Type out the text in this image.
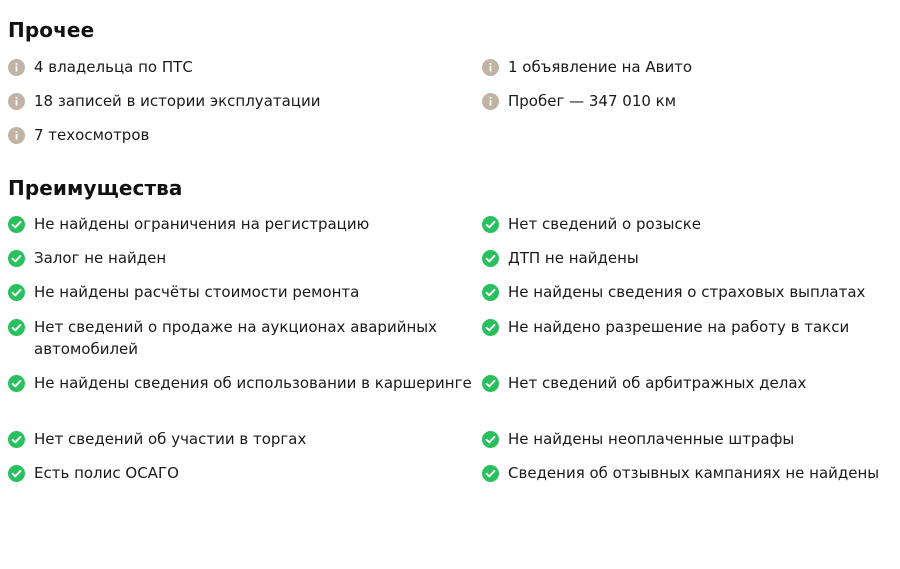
Прочее
4 владельца по ПТС
18 записей в истории эксплуатации
7 техосмотров
1 объявление на Авито
Пробег — 347 010 км
Преимущества
Не найдены ограничения на регистрацию
Залог не найден
Не найдены расчёты стоимости ремонта
Нет сведений о продаже на аукционах аварийных автомобилей
Не найдены сведения об использовании в каршеринге
Нет сведений об участии в торгах
Есть полис ОСАГО
Нет сведений о розыске
ДТП не найдены
Не найдены сведения о страховых выплатах
Не найдено разрешение на работу в такси
Нет сведений об арбитражных делах
Не найдены неоплаченные штрафы
Сведения об отзывных кампаниях не найдены
